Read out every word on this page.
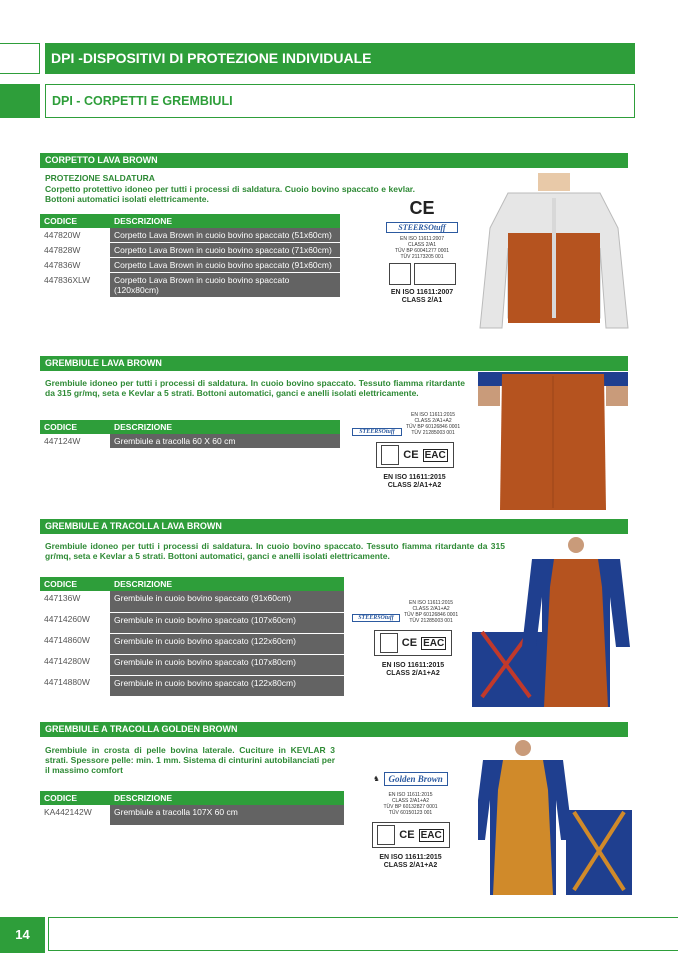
DPI -DISPOSITIVI DI PROTEZIONE INDIVIDUALE
DPI - CORPETTI E GREMBIULI
CORPETTO LAVA BROWN
PROTEZIONE SALDATURA
Corpetto protettivo idoneo per tutti i processi di saldatura. Cuoio bovino spaccato e kevlar. Bottoni automatici isolati elettricamente.
CODICE	DESCRIZIONE
447820W	Corpetto Lava Brown in cuoio bovino spaccato (51x60cm)
447828W	Corpetto Lava Brown in cuoio bovino spaccato (71x60cm)
447836W	Corpetto Lava Brown in cuoio bovino spaccato (91x60cm)
447836XLW	Corpetto Lava Brown in cuoio bovino spaccato (120x80cm)
CE
STEERSOtuff
EN ISO 11611:2007
CLASS 2/A1
TÜV BP 60041277 0001
TÜV 21173205 001
EN ISO 11611:2007
CLASS 2/A1
GREMBIULE LAVA BROWN
Grembiule idoneo per tutti i processi di saldatura. In cuoio bovino spaccato. Tessuto fiamma ritardante da 315 gr/mq, seta e Kevlar a 5 strati. Bottoni automatici, ganci e anelli isolati elettricamente.
CODICE	DESCRIZIONE
447124W	Grembiule a tracolla 60 X 60 cm
STEERSOtuff
EN ISO 11611:2015
CLASS 2/A1+A2
TÜV BP 60126846 0001
TÜV 21285003 001
CE EAC
EN ISO 11611:2015
CLASS 2/A1+A2
GREMBIULE A TRACOLLA LAVA BROWN
Grembiule idoneo per tutti i processi di saldatura. In cuoio bovino spaccato. Tessuto fiamma ritardante da 315 gr/mq, seta e Kevlar a 5 strati. Bottoni automatici, ganci e anelli isolati elettricamente.
CODICE	DESCRIZIONE
447136W	Grembiule in cuoio bovino spaccato (91x60cm)
44714260W	Grembiule in cuoio bovino spaccato (107x60cm)
44714860W	Grembiule in cuoio bovino spaccato (122x60cm)
44714280W	Grembiule in cuoio bovino spaccato (107x80cm)
44714880W	Grembiule in cuoio bovino spaccato (122x80cm)
STEERSOtuff
EN ISO 11611:2015
CLASS 2/A1+A2
TÜV BP 60126846 0001
TÜV 21285003 001
CE EAC
EN ISO 11611:2015
CLASS 2/A1+A2
GREMBIULE A TRACOLLA GOLDEN BROWN
Grembiule in crosta di pelle bovina laterale. Cuciture in KEVLAR 3 strati. Spessore pelle: min. 1 mm. Sistema di cinturini autobilanciati per il massimo comfort
CODICE	DESCRIZIONE
KA442142W	Grembiule a tracolla 107X 60 cm
♞	Golden Brown
EN ISO 11611:2015
CLASS 2/A1+A2
TÜV BP 60132827 0001
TÜV 60150123 001
CE EAC
EN ISO 11611:2015
CLASS 2/A1+A2
14
